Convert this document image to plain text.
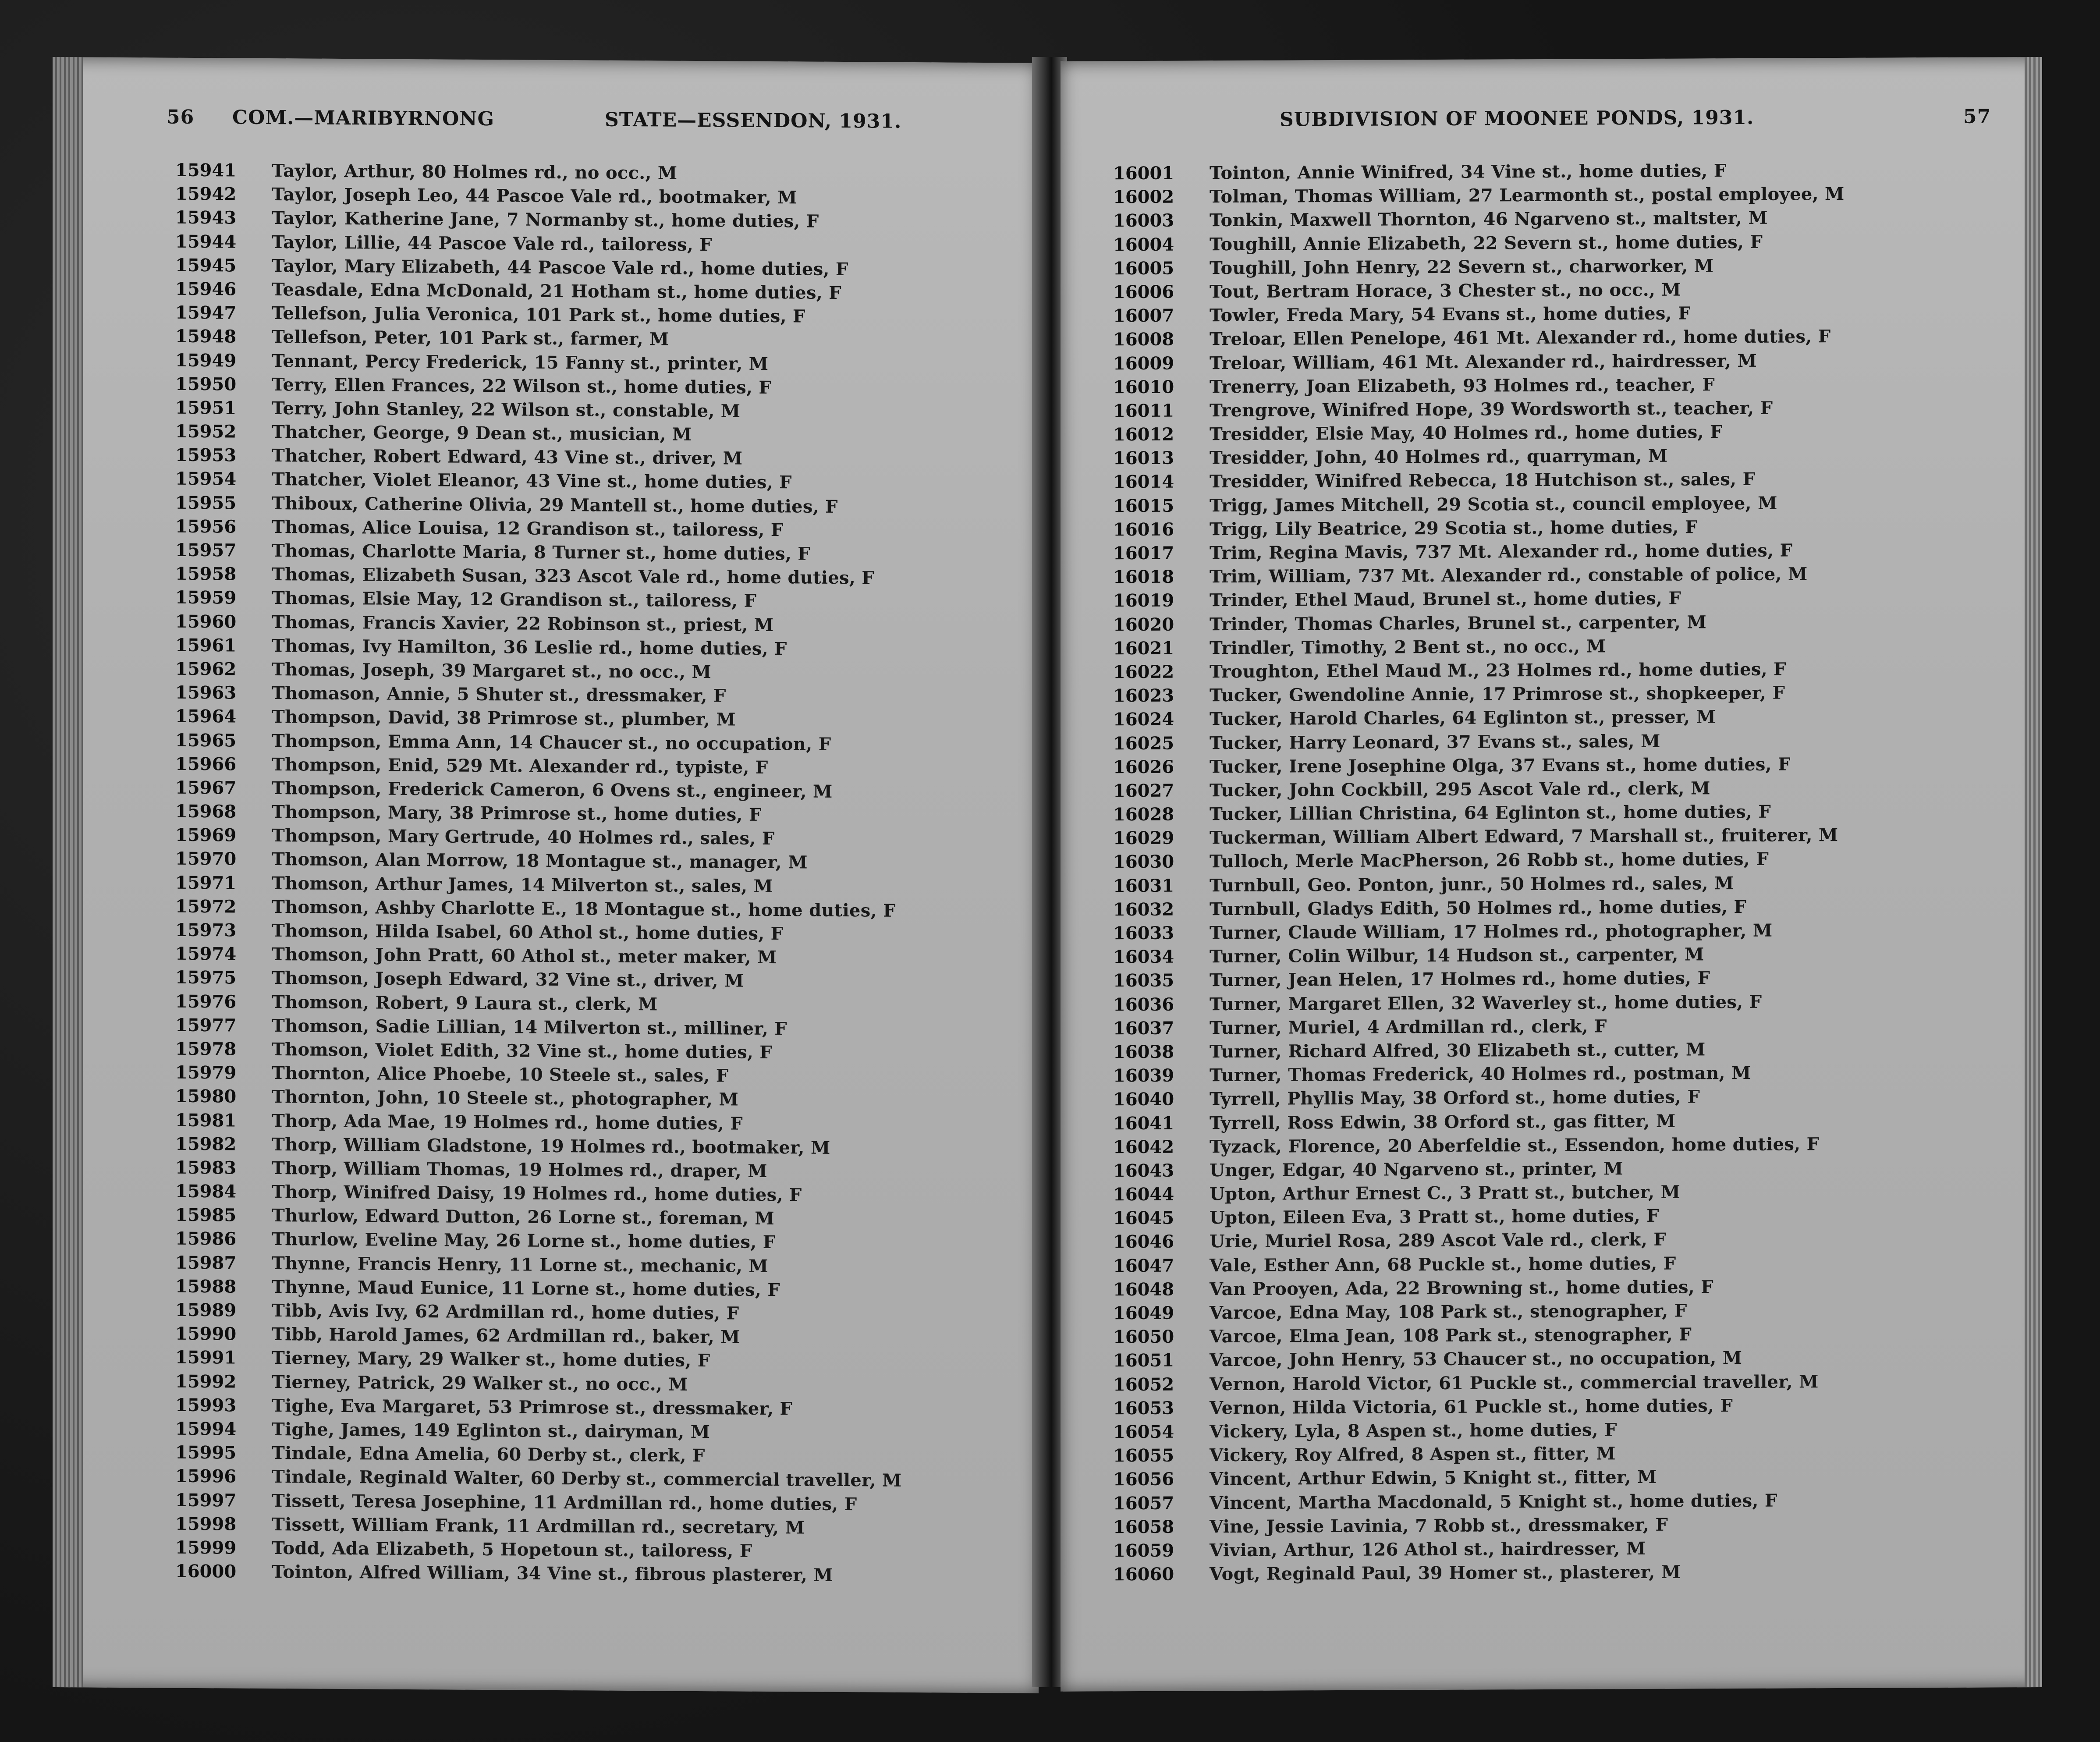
56 COM.—MARIBYRNONG	STATE—ESSENDON, 1931.
15941 Taylor, Arthur, 80 Holmes rd., no occ., M
15942 Taylor, Joseph Leo, 44 Pascoe Vale rd., bootmaker, M
15943 Taylor, Katherine Jane, 7 Normanby st., home duties, F
15944 Taylor, Lillie, 44 Pascoe Vale rd., tailoress, F
15945 Taylor, Mary Elizabeth, 44 Pascoe Vale rd., home duties, F
15946 Teasdale, Edna McDonald, 21 Hotham st., home duties, F
15947 Tellefson, Julia Veronica, 101 Park st., home duties, F
15948 Tellefson, Peter, 101 Park st., farmer, M
15949 Tennant, Percy Frederick, 15 Fanny st., printer, M
15950 Terry, Ellen Frances, 22 Wilson st., home duties, F
15951 Terry, John Stanley, 22 Wilson st., constable, M
15952 Thatcher, George, 9 Dean st., musician, M
15953 Thatcher, Robert Edward, 43 Vine st., driver, M
15954 Thatcher, Violet Eleanor, 43 Vine st., home duties, F
15955 Thiboux, Catherine Olivia, 29 Mantell st., home duties, F
15956 Thomas, Alice Louisa, 12 Grandison st., tailoress, F
15957 Thomas, Charlotte Maria, 8 Turner st., home duties, F
15958 Thomas, Elizabeth Susan, 323 Ascot Vale rd., home duties, F
15959 Thomas, Elsie May, 12 Grandison st., tailoress, F
15960 Thomas, Francis Xavier, 22 Robinson st., priest, M
15961 Thomas, Ivy Hamilton, 36 Leslie rd., home duties, F
15962 Thomas, Joseph, 39 Margaret st., no occ., M
15963 Thomason, Annie, 5 Shuter st., dressmaker, F
15964 Thompson, David, 38 Primrose st., plumber, M
15965 Thompson, Emma Ann, 14 Chaucer st., no occupation, F
15966 Thompson, Enid, 529 Mt. Alexander rd., typiste, F
15967 Thompson, Frederick Cameron, 6 Ovens st., engineer, M
15968 Thompson, Mary, 38 Primrose st., home duties, F
15969 Thompson, Mary Gertrude, 40 Holmes rd., sales, F
15970 Thomson, Alan Morrow, 18 Montague st., manager, M
15971 Thomson, Arthur James, 14 Milverton st., sales, M
15972 Thomson, Ashby Charlotte E., 18 Montague st., home duties, F
15973 Thomson, Hilda Isabel, 60 Athol st., home duties, F
15974 Thomson, John Pratt, 60 Athol st., meter maker, M
15975 Thomson, Joseph Edward, 32 Vine st., driver, M
15976 Thomson, Robert, 9 Laura st., clerk, M
15977 Thomson, Sadie Lillian, 14 Milverton st., milliner, F
15978 Thomson, Violet Edith, 32 Vine st., home duties, F
15979 Thornton, Alice Phoebe, 10 Steele st., sales, F
15980 Thornton, John, 10 Steele st., photographer, M
15981 Thorp, Ada Mae, 19 Holmes rd., home duties, F
15982 Thorp, William Gladstone, 19 Holmes rd., bootmaker, M
15983 Thorp, William Thomas, 19 Holmes rd., draper, M
15984 Thorp, Winifred Daisy, 19 Holmes rd., home duties, F
15985 Thurlow, Edward Dutton, 26 Lorne st., foreman, M
15986 Thurlow, Eveline May, 26 Lorne st., home duties, F
15987 Thynne, Francis Henry, 11 Lorne st., mechanic, M
15988 Thynne, Maud Eunice, 11 Lorne st., home duties, F
15989 Tibb, Avis Ivy, 62 Ardmillan rd., home duties, F
15990 Tibb, Harold James, 62 Ardmillan rd., baker, M
15991 Tierney, Mary, 29 Walker st., home duties, F
15992 Tierney, Patrick, 29 Walker st., no occ., M
15993 Tighe, Eva Margaret, 53 Primrose st., dressmaker, F
15994 Tighe, James, 149 Eglinton st., dairyman, M
15995 Tindale, Edna Amelia, 60 Derby st., clerk, F
15996 Tindale, Reginald Walter, 60 Derby st., commercial traveller, M
15997 Tissett, Teresa Josephine, 11 Ardmillan rd., home duties, F
15998 Tissett, William Frank, 11 Ardmillan rd., secretary, M
15999 Todd, Ada Elizabeth, 5 Hopetoun st., tailoress, F
16000 Tointon, Alfred William, 34 Vine st., fibrous plasterer, M
SUBDIVISION OF MOONEE PONDS, 1931.	57
16001 Tointon, Annie Winifred, 34 Vine st., home duties, F
16002 Tolman, Thomas William, 27 Learmonth st., postal employee, M
16003 Tonkin, Maxwell Thornton, 46 Ngarveno st., maltster, M
16004 Toughill, Annie Elizabeth, 22 Severn st., home duties, F
16005 Toughill, John Henry, 22 Severn st., charworker, M
16006 Tout, Bertram Horace, 3 Chester st., no occ., M
16007 Towler, Freda Mary, 54 Evans st., home duties, F
16008 Treloar, Ellen Penelope, 461 Mt. Alexander rd., home duties, F
16009 Treloar, William, 461 Mt. Alexander rd., hairdresser, M
16010 Trenerry, Joan Elizabeth, 93 Holmes rd., teacher, F
16011 Trengrove, Winifred Hope, 39 Wordsworth st., teacher, F
16012 Tresidder, Elsie May, 40 Holmes rd., home duties, F
16013 Tresidder, John, 40 Holmes rd., quarryman, M
16014 Tresidder, Winifred Rebecca, 18 Hutchison st., sales, F
16015 Trigg, James Mitchell, 29 Scotia st., council employee, M
16016 Trigg, Lily Beatrice, 29 Scotia st., home duties, F
16017 Trim, Regina Mavis, 737 Mt. Alexander rd., home duties, F
16018 Trim, William, 737 Mt. Alexander rd., constable of police, M
16019 Trinder, Ethel Maud, Brunel st., home duties, F
16020 Trinder, Thomas Charles, Brunel st., carpenter, M
16021 Trindler, Timothy, 2 Bent st., no occ., M
16022 Troughton, Ethel Maud M., 23 Holmes rd., home duties, F
16023 Tucker, Gwendoline Annie, 17 Primrose st., shopkeeper, F
16024 Tucker, Harold Charles, 64 Eglinton st., presser, M
16025 Tucker, Harry Leonard, 37 Evans st., sales, M
16026 Tucker, Irene Josephine Olga, 37 Evans st., home duties, F
16027 Tucker, John Cockbill, 295 Ascot Vale rd., clerk, M
16028 Tucker, Lillian Christina, 64 Eglinton st., home duties, F
16029 Tuckerman, William Albert Edward, 7 Marshall st., fruiterer, M
16030 Tulloch, Merle MacPherson, 26 Robb st., home duties, F
16031 Turnbull, Geo. Ponton, junr., 50 Holmes rd., sales, M
16032 Turnbull, Gladys Edith, 50 Holmes rd., home duties, F
16033 Turner, Claude William, 17 Holmes rd., photographer, M
16034 Turner, Colin Wilbur, 14 Hudson st., carpenter, M
16035 Turner, Jean Helen, 17 Holmes rd., home duties, F
16036 Turner, Margaret Ellen, 32 Waverley st., home duties, F
16037 Turner, Muriel, 4 Ardmillan rd., clerk, F
16038 Turner, Richard Alfred, 30 Elizabeth st., cutter, M
16039 Turner, Thomas Frederick, 40 Holmes rd., postman, M
16040 Tyrrell, Phyllis May, 38 Orford st., home duties, F
16041 Tyrrell, Ross Edwin, 38 Orford st., gas fitter, M
16042 Tyzack, Florence, 20 Aberfeldie st., Essendon, home duties, F
16043 Unger, Edgar, 40 Ngarveno st., printer, M
16044 Upton, Arthur Ernest C., 3 Pratt st., butcher, M
16045 Upton, Eileen Eva, 3 Pratt st., home duties, F
16046 Urie, Muriel Rosa, 289 Ascot Vale rd., clerk, F
16047 Vale, Esther Ann, 68 Puckle st., home duties, F
16048 Van Prooyen, Ada, 22 Browning st., home duties, F
16049 Varcoe, Edna May, 108 Park st., stenographer, F
16050 Varcoe, Elma Jean, 108 Park st., stenographer, F
16051 Varcoe, John Henry, 53 Chaucer st., no occupation, M
16052 Vernon, Harold Victor, 61 Puckle st., commercial traveller, M
16053 Vernon, Hilda Victoria, 61 Puckle st., home duties, F
16054 Vickery, Lyla, 8 Aspen st., home duties, F
16055 Vickery, Roy Alfred, 8 Aspen st., fitter, M
16056 Vincent, Arthur Edwin, 5 Knight st., fitter, M
16057 Vincent, Martha Macdonald, 5 Knight st., home duties, F
16058 Vine, Jessie Lavinia, 7 Robb st., dressmaker, F
16059 Vivian, Arthur, 126 Athol st., hairdresser, M
16060 Vogt, Reginald Paul, 39 Homer st., plasterer, M
